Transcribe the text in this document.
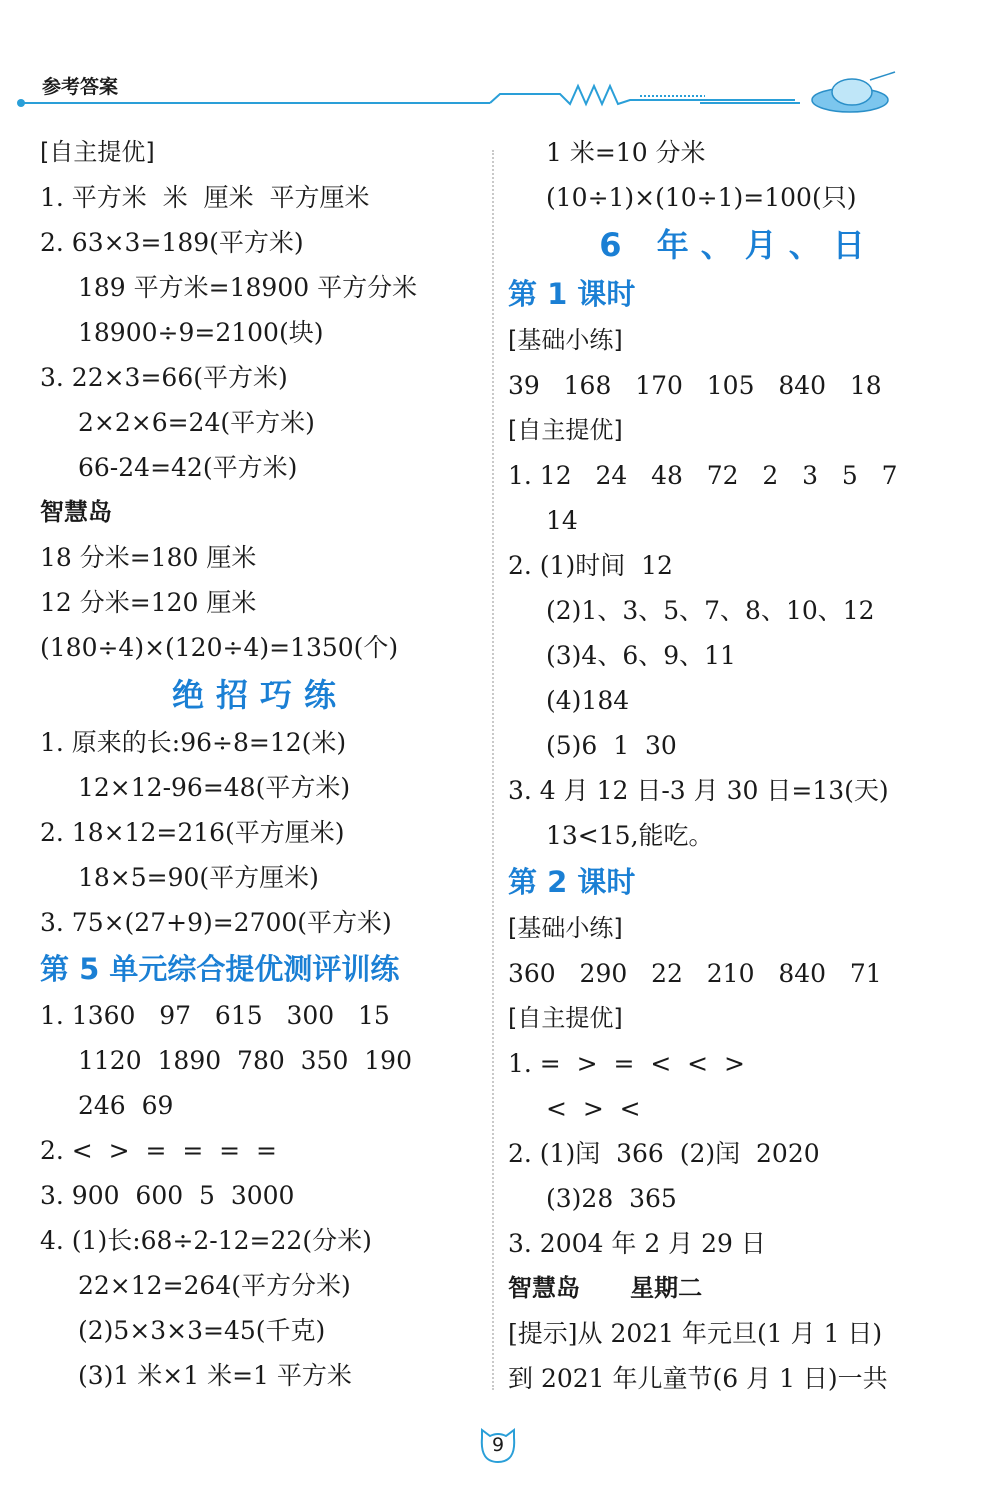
参考答案
[自主提优]
1. 平方米  米  厘米  平方厘米
2. 63×3=189(平方米)
189 平方米=18900 平方分米
18900÷9=2100(块)
3. 22×3=66(平方米)
2×2×6=24(平方米)
66-24=42(平方米)
智慧岛
18 分米=180 厘米
12 分米=120 厘米
(180÷4)×(120÷4)=1350(个)
绝招巧练
1. 原来的长:96÷8=12(米)
12×12-96=48(平方米)
2. 18×12=216(平方厘米)
18×5=90(平方厘米)
3. 75×(27+9)=2700(平方米)
第 5 单元综合提优测评训练
1. 1360   97   615   300   15
1120  1890  780  350  190
246  69
2. <  >  =  =  =  =
3. 900  600  5  3000
4. (1)长:68÷2-12=22(分米)
22×12=264(平方分米)
(2)5×3×3=45(千克)
(3)1 米×1 米=1 平方米
1 米=10 分米
(10÷1)×(10÷1)=100(只)
6 年、月、日
第 1 课时
[基础小练]
39   168   170   105   840   18
[自主提优]
1. 12   24   48   72   2   3   5   7
14
2. (1)时间  12
(2)1、3、5、7、8、10、12
(3)4、6、9、11
(4)184
(5)6  1  30
3. 4 月 12 日-3 月 30 日=13(天)
13<15,能吃。
第 2 课时
[基础小练]
360   290   22   210   840   71
[自主提优]
1. =  >  =  <  <  >
<  >  <
2. (1)闰  366  (2)闰  2020
(3)28  365
3. 2004 年 2 月 29 日
智慧岛      星期二
[提示]从 2021 年元旦(1 月 1 日)
到 2021 年儿童节(6 月 1 日)一共
9
